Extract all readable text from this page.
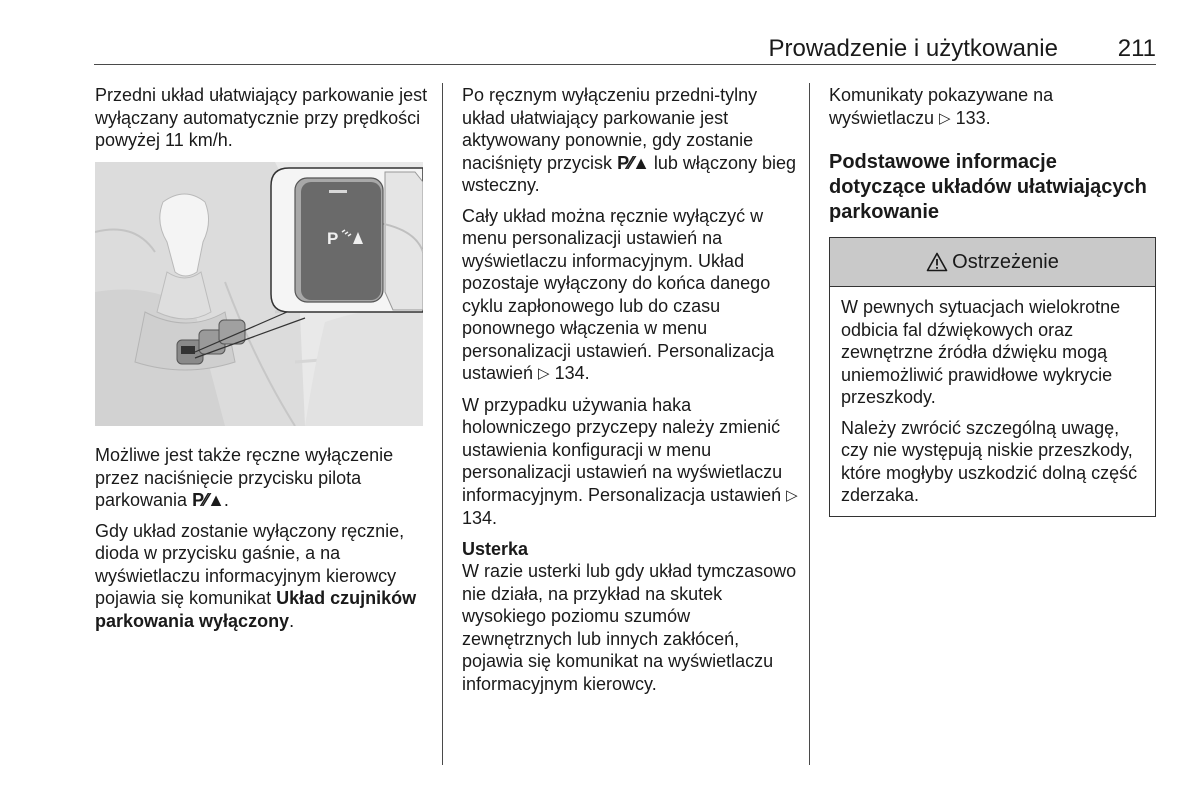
Prowadzenie i użytkowanie 211

Przedni układ ułatwiający parkowanie jest wyłączany automatycznie przy prędkości powyżej 11 km/h.

P

Możliwe jest także ręczne wyłączenie przez naciśnięcie przycisku pilota parkowania P⁄⁄▲.

Gdy układ zostanie wyłączony ręcznie, dioda w przycisku gaśnie, a na wyświetlaczu informacyjnym kierowcy pojawia się komunikat Układ czujników parkowania wyłączony.

Po ręcznym wyłączeniu przedni-tylny układ ułatwiający parkowanie jest aktywowany ponownie, gdy zostanie naciśnięty przycisk P⁄⁄▲ lub włączony bieg wsteczny.

Cały układ można ręcznie wyłączyć w menu personalizacji ustawień na wyświetlaczu informacyjnym. Układ pozostaje wyłączony do końca danego cyklu zapłonowego lub do czasu ponownego włączenia w menu personalizacji ustawień. Personalizacja ustawień ▷ 134.

W przypadku używania haka holowniczego przyczepy należy zmienić ustawienia konfiguracji w menu personalizacji ustawień na wyświetlaczu informacyjnym. Personalizacja ustawień ▷ 134.

Usterka

W razie usterki lub gdy układ tymczasowo nie działa, na przykład na skutek wysokiego poziomu szumów zewnętrznych lub innych zakłóceń, pojawia się komunikat na wyświetlaczu informacyjnym kierowcy.

Komunikaty pokazywane na wyświetlaczu ▷ 133.

Podstawowe informacje dotyczące układów ułatwiających parkowanie
Ostrzeżenie

W pewnych sytuacjach wielokrotne odbicia fal dźwiękowych oraz zewnętrzne źródła dźwięku mogą uniemożliwić prawidłowe wykrycie przeszkody.

Należy zwrócić szczególną uwagę, czy nie występują niskie przeszkody, które mogłyby uszkodzić dolną część zderzaka.
